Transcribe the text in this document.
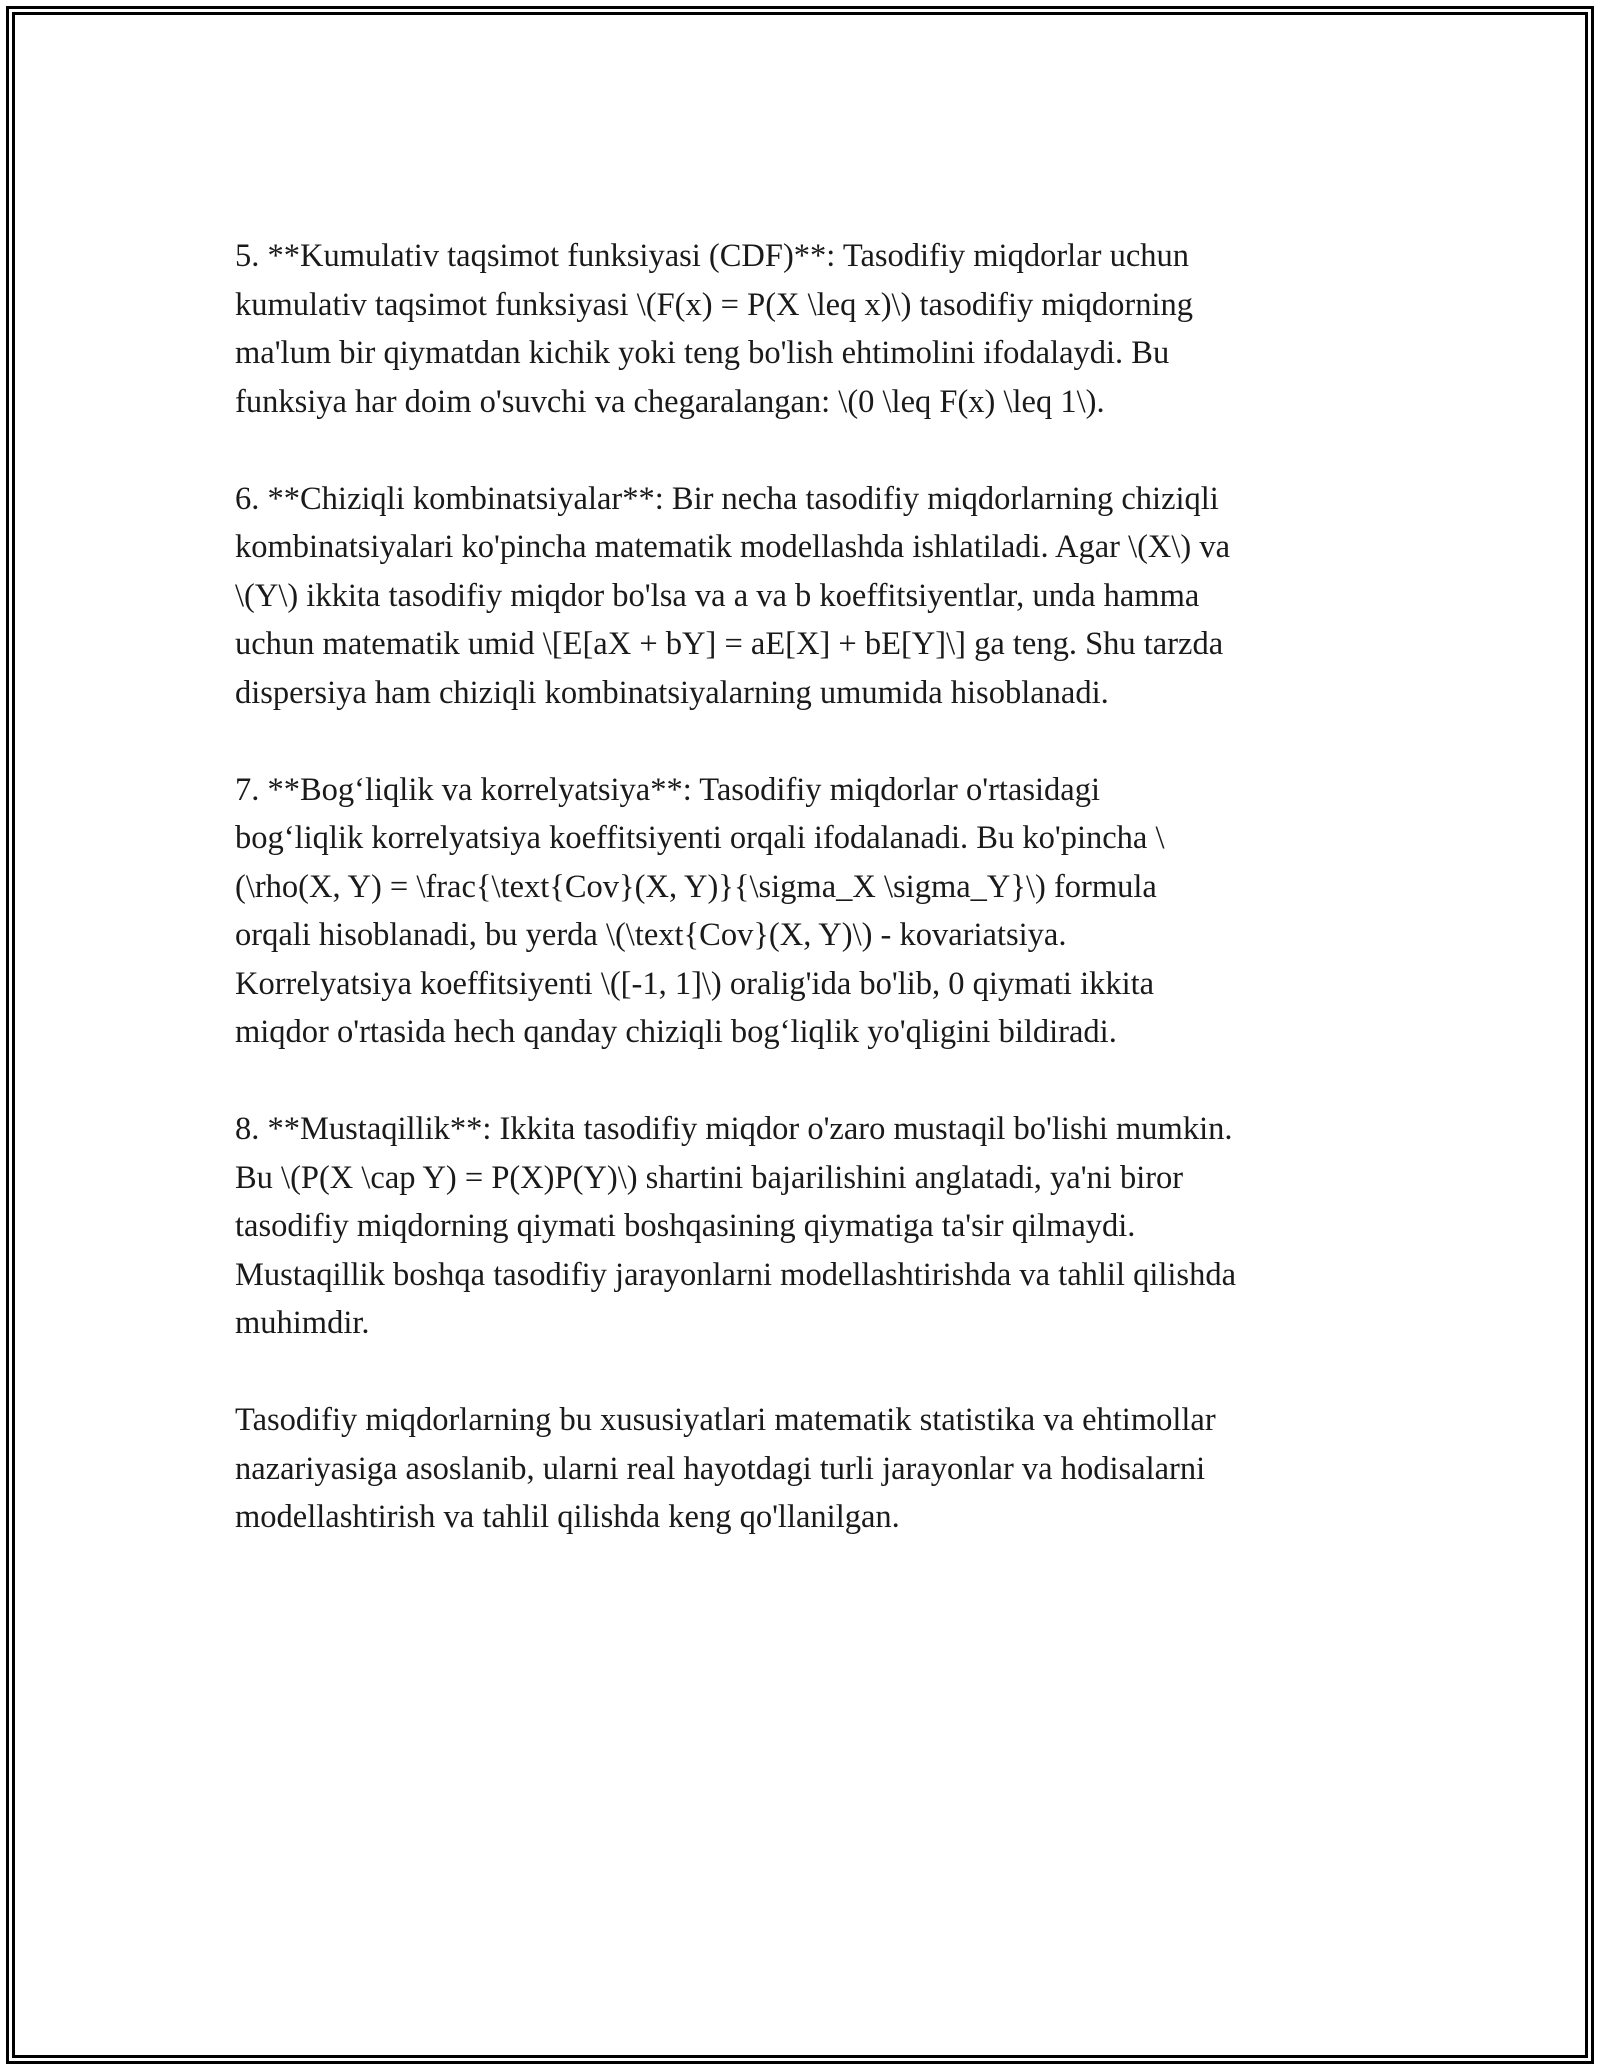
5. **Kumulativ taqsimot funksiyasi (CDF)**: Tasodifiy miqdorlar uchun
kumulativ taqsimot funksiyasi \(F(x) = P(X \leq x)\) tasodifiy miqdorning
ma'lum bir qiymatdan kichik yoki teng bo'lish ehtimolini ifodalaydi. Bu
funksiya har doim o'suvchi va chegaralangan: \(0 \leq F(x) \leq 1\).

6. **Chiziqli kombinatsiyalar**: Bir necha tasodifiy miqdorlarning chiziqli
kombinatsiyalari ko'pincha matematik modellashda ishlatiladi. Agar \(X\) va
\(Y\) ikkita tasodifiy miqdor bo'lsa va a va b koeffitsiyentlar, unda hamma
uchun matematik umid \[E[aX + bY] = aE[X] + bE[Y]\] ga teng. Shu tarzda
dispersiya ham chiziqli kombinatsiyalarning umumida hisoblanadi.

7. **Bog‘liqlik va korrelyatsiya**: Tasodifiy miqdorlar o'rtasidagi
bog‘liqlik korrelyatsiya koeffitsiyenti orqali ifodalanadi. Bu ko'pincha \
(\rho(X, Y) = \frac{\text{Cov}(X, Y)}{\sigma_X \sigma_Y}\) formula
orqali hisoblanadi, bu yerda \(\text{Cov}(X, Y)\) - kovariatsiya.
Korrelyatsiya koeffitsiyenti \([-1, 1]\) oralig'ida bo'lib, 0 qiymati ikkita
miqdor o'rtasida hech qanday chiziqli bog‘liqlik yo'qligini bildiradi.

8. **Mustaqillik**: Ikkita tasodifiy miqdor o'zaro mustaqil bo'lishi mumkin.
Bu \(P(X \cap Y) = P(X)P(Y)\) shartini bajarilishini anglatadi, ya'ni biror
tasodifiy miqdorning qiymati boshqasining qiymatiga ta'sir qilmaydi.
Mustaqillik boshqa tasodifiy jarayonlarni modellashtirishda va tahlil qilishda
muhimdir.

Tasodifiy miqdorlarning bu xususiyatlari matematik statistika va ehtimollar
nazariyasiga asoslanib, ularni real hayotdagi turli jarayonlar va hodisalarni
modellashtirish va tahlil qilishda keng qo'llanilgan.
